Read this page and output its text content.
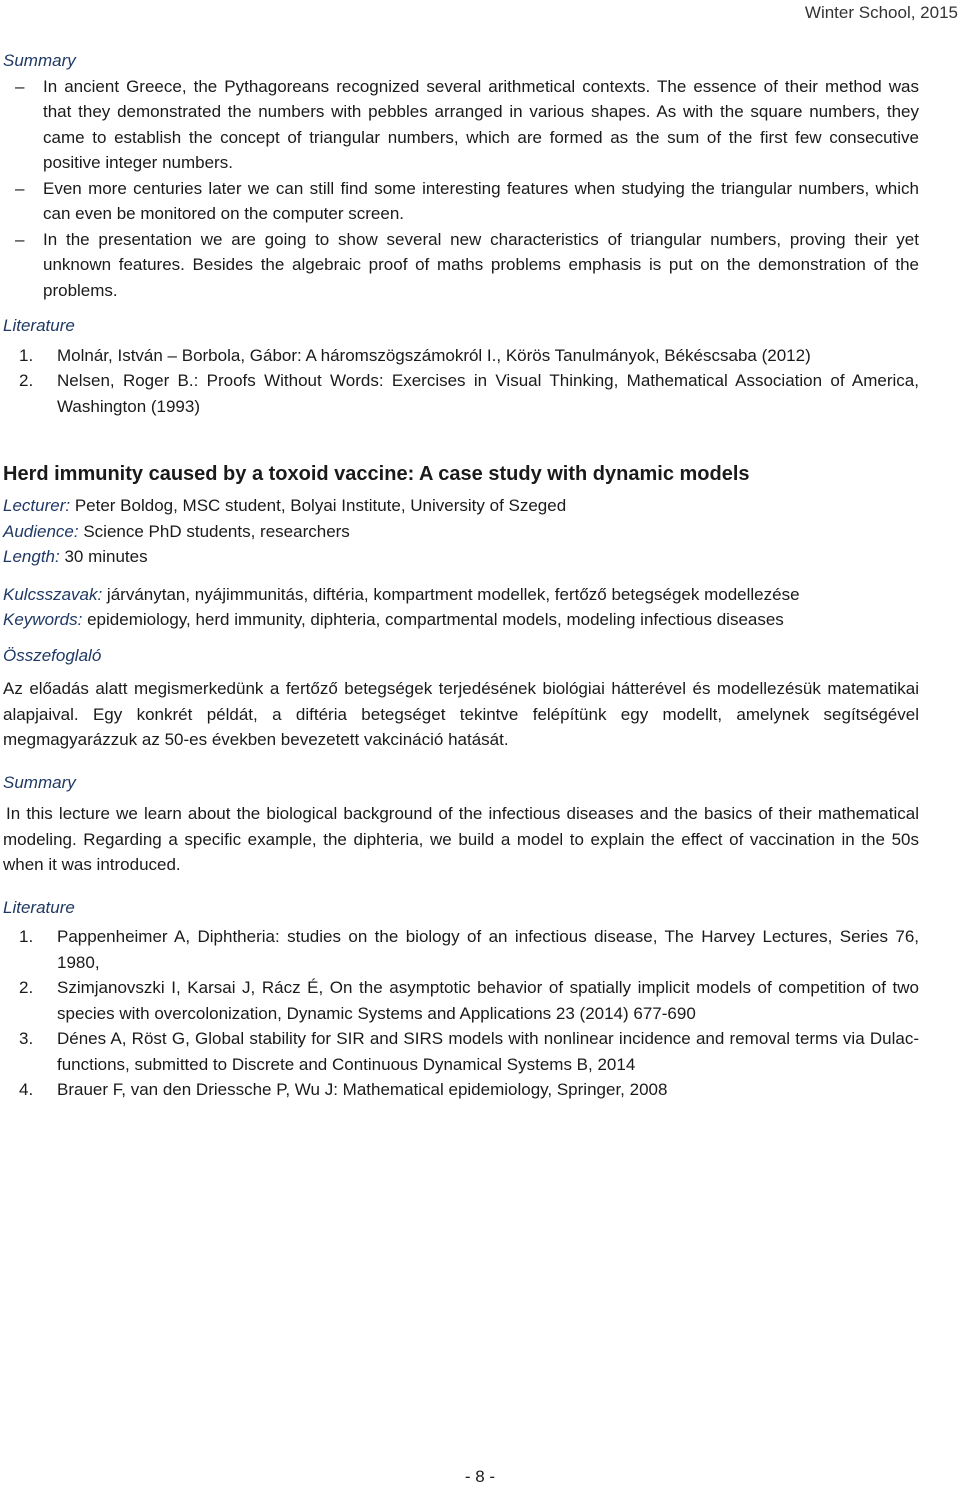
Winter School, 2015

Summary

– In ancient Greece, the Pythagoreans recognized several arithmetical contexts. The essence of their method was that they demonstrated the numbers with pebbles arranged in various shapes. As with the square numbers, they came to establish the concept of triangular numbers, which are formed as the sum of the first few consecutive positive integer numbers.
– Even more centuries later we can still find some interesting features when studying the triangular numbers, which can even be monitored on the computer screen.
– In the presentation we are going to show several new characteristics of triangular numbers, proving their yet unknown features. Besides the algebraic proof of maths problems emphasis is put on the demonstration of the problems.

Literature

1. Molnár, István – Borbola, Gábor: A háromszögszámokról I., Körös Tanulmányok, Békéscsaba (2012)
2. Nelsen, Roger B.: Proofs Without Words: Exercises in Visual Thinking, Mathematical Association of America, Washington (1993)
Herd immunity caused by a toxoid vaccine: A case study with dynamic models

Lecturer: Peter Boldog, MSC student, Bolyai Institute, University of Szeged

Audience: Science PhD students, researchers

Length: 30 minutes

Kulcsszavak: járványtan, nyájimmunitás, diftéria, kompartment modellek, fertőző betegségek modellezése

Keywords: epidemiology, herd immunity, diphteria, compartmental models, modeling infectious diseases

Összefoglaló

Az előadás alatt megismerkedünk a fertőző betegségek terjedésének biológiai hátterével és modellezésük matematikai alapjaival. Egy konkrét példát, a diftéria betegséget tekintve felépítünk egy modellt, amelynek segítségével megmagyarázzuk az 50-es években bevezetett vakcináció hatását.

Summary

In this lecture we learn about the biological background of the infectious diseases and the basics of their mathematical modeling. Regarding a specific example, the diphteria, we build a model to explain the effect of vaccination in the 50s when it was introduced.

Literature

1. Pappenheimer A, Diphtheria: studies on the biology of an infectious disease, The Harvey Lectures, Series 76, 1980,
2. Szimjanovszki I, Karsai J, Rácz É, On the asymptotic behavior of spatially implicit models of competition of two species with overcolonization, Dynamic Systems and Applications 23 (2014) 677-690
3. Dénes A, Röst G, Global stability for SIR and SIRS models with nonlinear incidence and removal terms via Dulac-functions, submitted to Discrete and Continuous Dynamical Systems B, 2014
4. Brauer F, van den Driessche P, Wu J: Mathematical epidemiology, Springer, 2008
- 8 -
